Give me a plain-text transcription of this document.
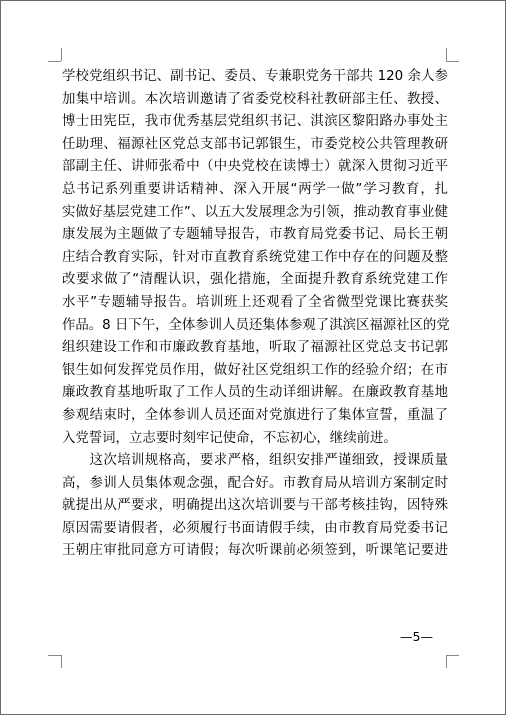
学校党组织书记、副书记、委员、专兼职党务干部共 120 余人参
加集中培训。本次培训邀请了省委党校科社教研部主任、教授、
博士田宪臣，我市优秀基层党组织书记、淇滨区黎阳路办事处主
任助理、福源社区党总支部书记郭银生，市委党校公共管理教研
部副主任、讲师张希中（中央党校在读博士）就深入贯彻习近平
总书记系列重要讲话精神、深入开展“两学一做”学习教育，扎
实做好基层党建工作”、以五大发展理念为引领，推动教育事业健
康发展为主题做了专题辅导报告，市教育局党委书记、局长王朝
庄结合教育实际，针对市直教育系统党建工作中存在的问题及整
改要求做了“清醒认识，强化措施，全面提升教育系统党建工作
水平”专题辅导报告。培训班上还观看了全省微型党课比赛获奖
作品。8 日下午，全体参训人员还集体参观了淇滨区福源社区的党
组织建设工作和市廉政教育基地，听取了福源社区党总支书记郭
银生如何发挥党员作用，做好社区党组织工作的经验介绍；在市
廉政教育基地听取了工作人员的生动详细讲解。在廉政教育基地
参观结束时，全体参训人员还面对党旗进行了集体宣誓，重温了
入党誓词，立志要时刻牢记使命，不忘初心，继续前进。
　　这次培训规格高，要求严格，组织安排严谨细致，授课质量
高，参训人员集体观念强，配合好。市教育局从培训方案制定时
就提出从严要求，明确提出这次培训要与干部考核挂钩，因特殊
原因需要请假者，必须履行书面请假手续，由市教育局党委书记
王朝庄审批同意方可请假；每次听课前必须签到，听课笔记要进
—5—
